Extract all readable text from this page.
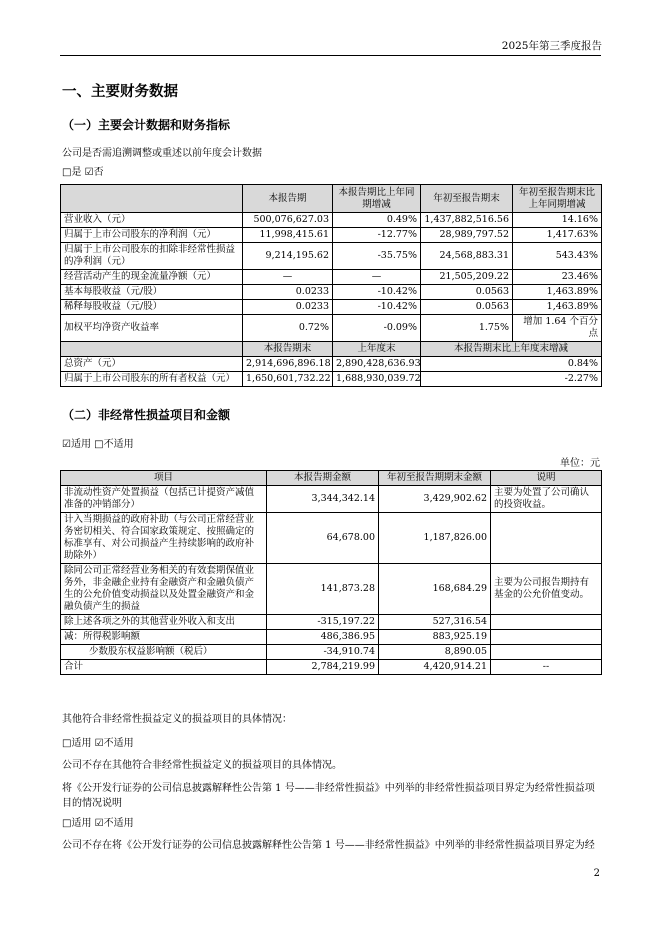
2025年第三季度报告
一、主要财务数据
（一）主要会计数据和财务指标
公司是否需追溯调整或重述以前年度会计数据
□是 ☑否
	本报告期	本报告期比上年同期增减	年初至报告期末	年初至报告期末比上年同期增减
营业收入（元）	500,076,627.03	0.49%	1,437,882,516.56	14.16%
归属于上市公司股东的净利润（元）	11,998,415.61	-12.77%	28,989,797.52	1,417.63%
归属于上市公司股东的扣除非经常性损益的净利润（元）	9,214,195.62	-35.75%	24,568,883.31	543.43%
经营活动产生的现金流量净额（元）	—	—	21,505,209.22	23.46%
基本每股收益（元/股）	0.0233	-10.42%	0.0563	1,463.89%
稀释每股收益（元/股）	0.0233	-10.42%	0.0563	1,463.89%
加权平均净资产收益率	0.72%	-0.09%	1.75%	增加 1.64 个百分点
	本报告期末	上年度末	本报告期末比上年度末增减	
总资产（元）	2,914,696,896.18	2,890,428,636.93	0.84%	
归属于上市公司股东的所有者权益（元）	1,650,601,732.22	1,688,930,039.72	-2.27%	
（二）非经常性损益项目和金额
☑适用 □不适用
单位：元
项目	本报告期金额	年初至报告期期末金额	说明
非流动性资产处置损益（包括已计提资产减值准备的冲销部分）	3,344,342.14	3,429,902.62	主要为处置了公司确认的投资收益。
计入当期损益的政府补助（与公司正常经营业务密切相关、符合国家政策规定、按照确定的标准享有、对公司损益产生持续影响的政府补助除外）	64,678.00	1,187,826.00	
除同公司正常经营业务相关的有效套期保值业务外，非金融企业持有金融资产和金融负债产生的公允价值变动损益以及处置金融资产和金融负债产生的损益	141,873.28	168,684.29	主要为公司报告期持有基金的公允价值变动。
除上述各项之外的其他营业外收入和支出	-315,197.22	527,316.54	
减：所得税影响额	486,386.95	883,925.19	
少数股东权益影响额（税后）	-34,910.74	8,890.05	
合计	2,784,219.99	4,420,914.21	--
其他符合非经常性损益定义的损益项目的具体情况：
□适用 ☑不适用
公司不存在其他符合非经常性损益定义的损益项目的具体情况。
将《公开发行证券的公司信息披露解释性公告第 1 号——非经常性损益》中列举的非经常性损益项目界定为经常性损益项目的情况说明
□适用 ☑不适用
公司不存在将《公开发行证券的公司信息披露解释性公告第 1 号——非经常性损益》中列举的非经常性损益项目界定为经
2
